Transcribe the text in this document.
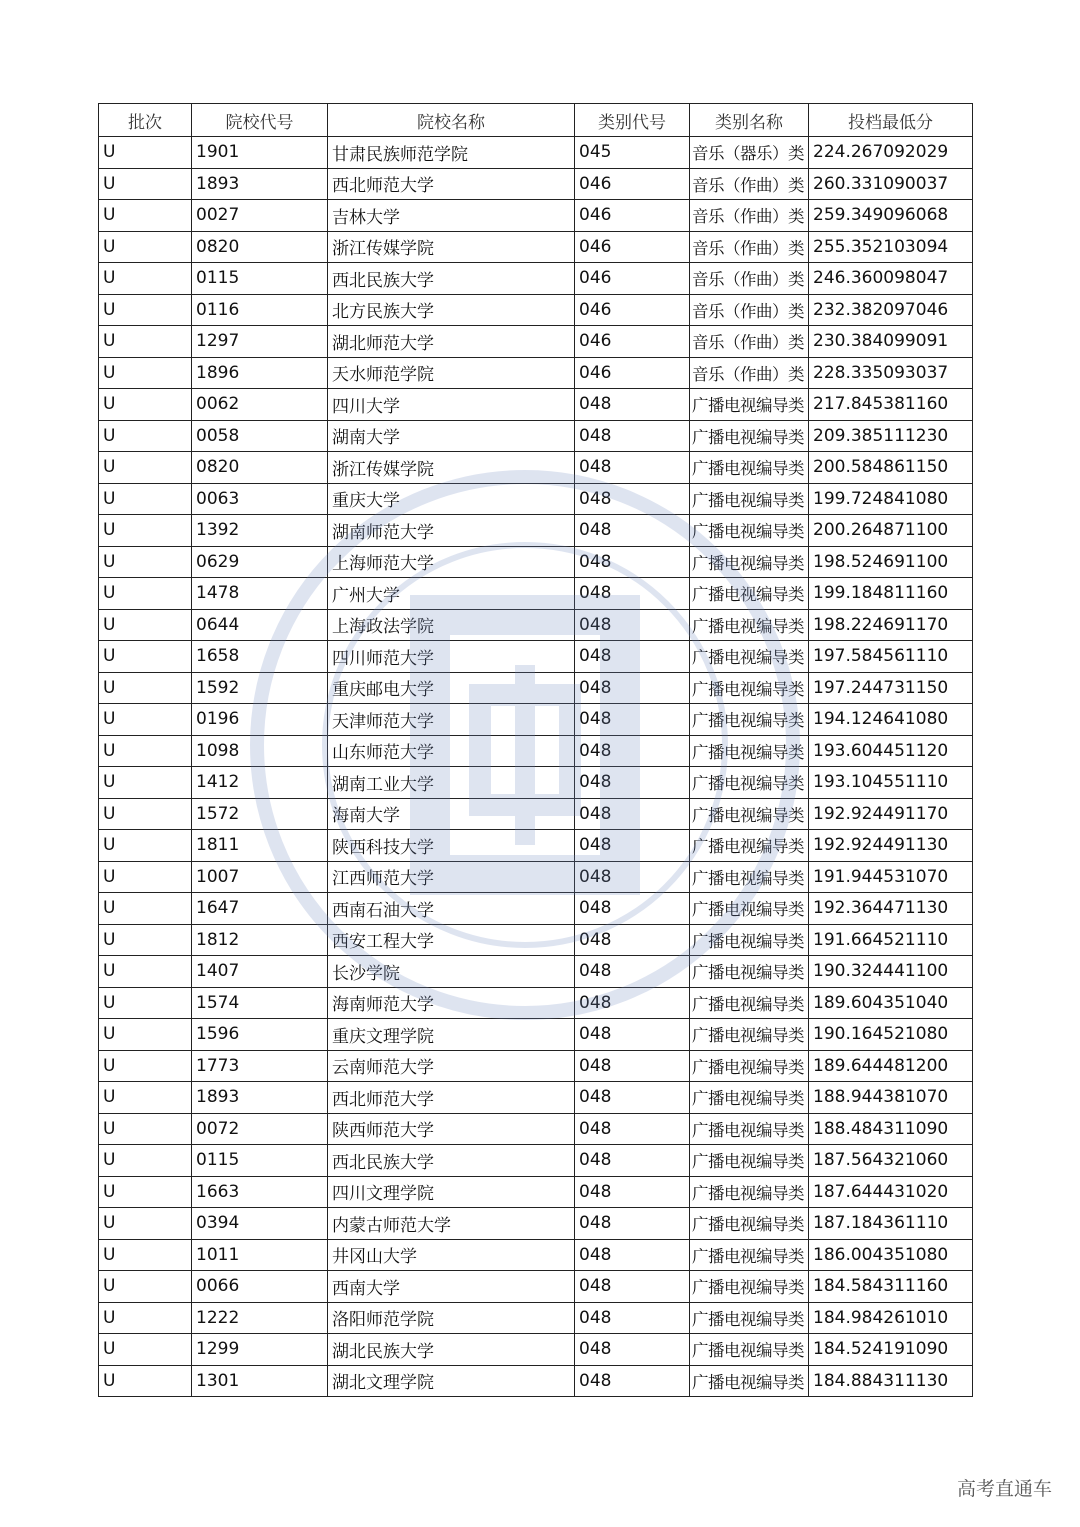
批次	院校代号	院校名称	类别代号	类别名称	投档最低分
U	1901	甘肃民族师范学院	045	音乐（器乐）类	224.267092029
U	1893	西北师范大学	046	音乐（作曲）类	260.331090037
U	0027	吉林大学	046	音乐（作曲）类	259.349096068
U	0820	浙江传媒学院	046	音乐（作曲）类	255.352103094
U	0115	西北民族大学	046	音乐（作曲）类	246.360098047
U	0116	北方民族大学	046	音乐（作曲）类	232.382097046
U	1297	湖北师范大学	046	音乐（作曲）类	230.384099091
U	1896	天水师范学院	046	音乐（作曲）类	228.335093037
U	0062	四川大学	048	广播电视编导类	217.845381160
U	0058	湖南大学	048	广播电视编导类	209.385111230
U	0820	浙江传媒学院	048	广播电视编导类	200.584861150
U	0063	重庆大学	048	广播电视编导类	199.724841080
U	1392	湖南师范大学	048	广播电视编导类	200.264871100
U	0629	上海师范大学	048	广播电视编导类	198.524691100
U	1478	广州大学	048	广播电视编导类	199.184811160
U	0644	上海政法学院	048	广播电视编导类	198.224691170
U	1658	四川师范大学	048	广播电视编导类	197.584561110
U	1592	重庆邮电大学	048	广播电视编导类	197.244731150
U	0196	天津师范大学	048	广播电视编导类	194.124641080
U	1098	山东师范大学	048	广播电视编导类	193.604451120
U	1412	湖南工业大学	048	广播电视编导类	193.104551110
U	1572	海南大学	048	广播电视编导类	192.924491170
U	1811	陕西科技大学	048	广播电视编导类	192.924491130
U	1007	江西师范大学	048	广播电视编导类	191.944531070
U	1647	西南石油大学	048	广播电视编导类	192.364471130
U	1812	西安工程大学	048	广播电视编导类	191.664521110
U	1407	长沙学院	048	广播电视编导类	190.324441100
U	1574	海南师范大学	048	广播电视编导类	189.604351040
U	1596	重庆文理学院	048	广播电视编导类	190.164521080
U	1773	云南师范大学	048	广播电视编导类	189.644481200
U	1893	西北师范大学	048	广播电视编导类	188.944381070
U	0072	陕西师范大学	048	广播电视编导类	188.484311090
U	0115	西北民族大学	048	广播电视编导类	187.564321060
U	1663	四川文理学院	048	广播电视编导类	187.644431020
U	0394	内蒙古师范大学	048	广播电视编导类	187.184361110
U	1011	井冈山大学	048	广播电视编导类	186.004351080
U	0066	西南大学	048	广播电视编导类	184.584311160
U	1222	洛阳师范学院	048	广播电视编导类	184.984261010
U	1299	湖北民族大学	048	广播电视编导类	184.524191090
U	1301	湖北文理学院	048	广播电视编导类	184.884311130
高考直通车
